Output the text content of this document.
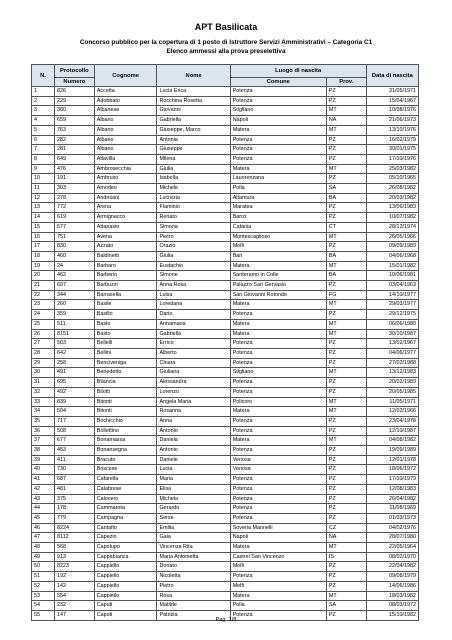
APT Basilicata
Concorso pubblico per la copertura di 1 posto di Istruttore Servizi Amministrativi – Categoria C1
Elenco ammessi alla prova preselettiva
N.	Protocollo	Cognome	Nome	Luogo di nascita		Data di nascita
	Numero			Comune	Prov.	
1	826	Accetta	Lucia Erica	Potenza	PZ	31/05/1971
2	229	Adobbato	Rocchina Rosetta	Potenza	PZ	15/04/1967
3	360	Albanese	Giovanni	Stigliano	MT	10/08/1976
4	659	Albano	Gabriella	Napoli	NA	21/06/1973
5	763	Albano	Giuseppe, Marco	Matera	MT	13/10/1976
6	282	Albano	Antonia	Potenza	PZ	16/02/1979
7	281	Albano	Giuseppe	Potenza	PZ	30/01/1975
8	649	Altavilla	Milena	Potenza	PZ	17/10/1976
9	476	Ambrosecchia	Giulia	Matera	MT	25/03/1982
10	191	Ambruso	Isabella	Lauorenzana	PZ	05/10/1965
11	303	Amodeo	Michele	Polla	SA	26/08/1982
12	278	Andrisani	Lucrezia	Altamura	BA	20/03/1982
13	772	Arena	Flaminio	Maratea	PZ	13/06/1983
14	619	Armignacco	Renato	Banzi	PZ	10/07/1982
15	577	Attanasio	Simona	Catania	CT	28/12/1974
16	751	Avena	Pietro	Montescaglioso	MT	26/05/1966
17	830	Azzato	Orazio	Melfi	PZ	09/09/1983
18	460	Baldinetti	Giulia	Bari	BA	04/06/1968
19	24	Barbaro	Eustachio	Matera	MT	15/01/1982
20	462	Barberio	Simone	Santeramo in Colle	BA	10/06/1981
21	607	Barbuzzi	Anna Rosa	Palazzo San Gervasio	PZ	03/04/1963
22	344	Barrasella	Luisa	San Giovanni Rotondo	FG	14/10/1977
23	260	Basile	Loredana	Matera	MT	29/03/1977
24	359	Basilio	Dario	Potenza	PZ	29/12/1975
25	511	Basto	Annamaria	Matera	MT	06/06/1980
26	8151	Basto	Gabriella	Matera	MT	30/10/1987
27	503	Bellelli	Errico	Potenza	PZ	13/02/1967
28	642	Bellini	Alberto	Potenza	PZ	04/06/1977
29	258	Benciveniga	Chiara	Potenza	PZ	27/02/1988
30	491	Benedetto	Giuliana	Stigliano	MT	13/12/1983
31	695	Bilancia	Alessandra	Potenza	PZ	20/02/1983
32	492	Bilotti	Lorenzo	Potenza	PZ	20/05/1985
33	839	Bitonti	Angela Maria	Policoro	MT	11/05/1971
34	504	Bitonti	Rosanna	Matera	MT	12/02/1966
35	717	Bochicchio	Anna	Potenza	PZ	23/04/1978
36	508	Bollettino	Antonio	Potenza	PZ	12/10/1987
37	677	Bonamassa	Daniela	Matera	MT	04/08/1982
38	453	Bonansegna	Antonio	Potenza	PZ	19/09/1989
39	411	Bracuto	Daniele	Venosa	PZ	12/01/1978
40	730	Briscese	Lucia	Venosa	PZ	18/06/1972
41	687	Cafarella	Maria	Potenza	PZ	17/10/1979
42	481	Calabrese	Elisa	Potenza	PZ	12/08/1983
43	375	Calocero	Michela	Potenza	PZ	26/04/1982
44	178	Cammarota	Gerardo	Potenza	PZ	11/08/1969
45	779	Campagna	Serse	Potenza	PZ	01/03/1973
46	8224	Cantafio	Emilia	Soveria Mannelli	CZ	04/02/1976
47	8112	Capezio	Gaia	Napoli	NA	28/07/1980
48	568	Capolupo	Vincenza Rita	Matera	MT	22/05/1964
49	913	Cappabianca	Maria Antonietta	Castrel San Vincenzo	IS	08/02/1970
50	8223	Cappiello	Donato	Melfi	PZ	22/04/1982
51	192	Cappiello	Nicoletta	Potenza	PZ	09/08/1979
52	142	Cappiello	Pietro	Melfi	PZ	14/06/1986
53	554	Cappiello	Rosa	Matera	MT	18/03/1982
54	232	Caputi	Matilde	Polla	SA	08/03/1972
55	147	Caputi	Patrizia	Potenza	PZ	15/10/1982
Pag. 1/8
